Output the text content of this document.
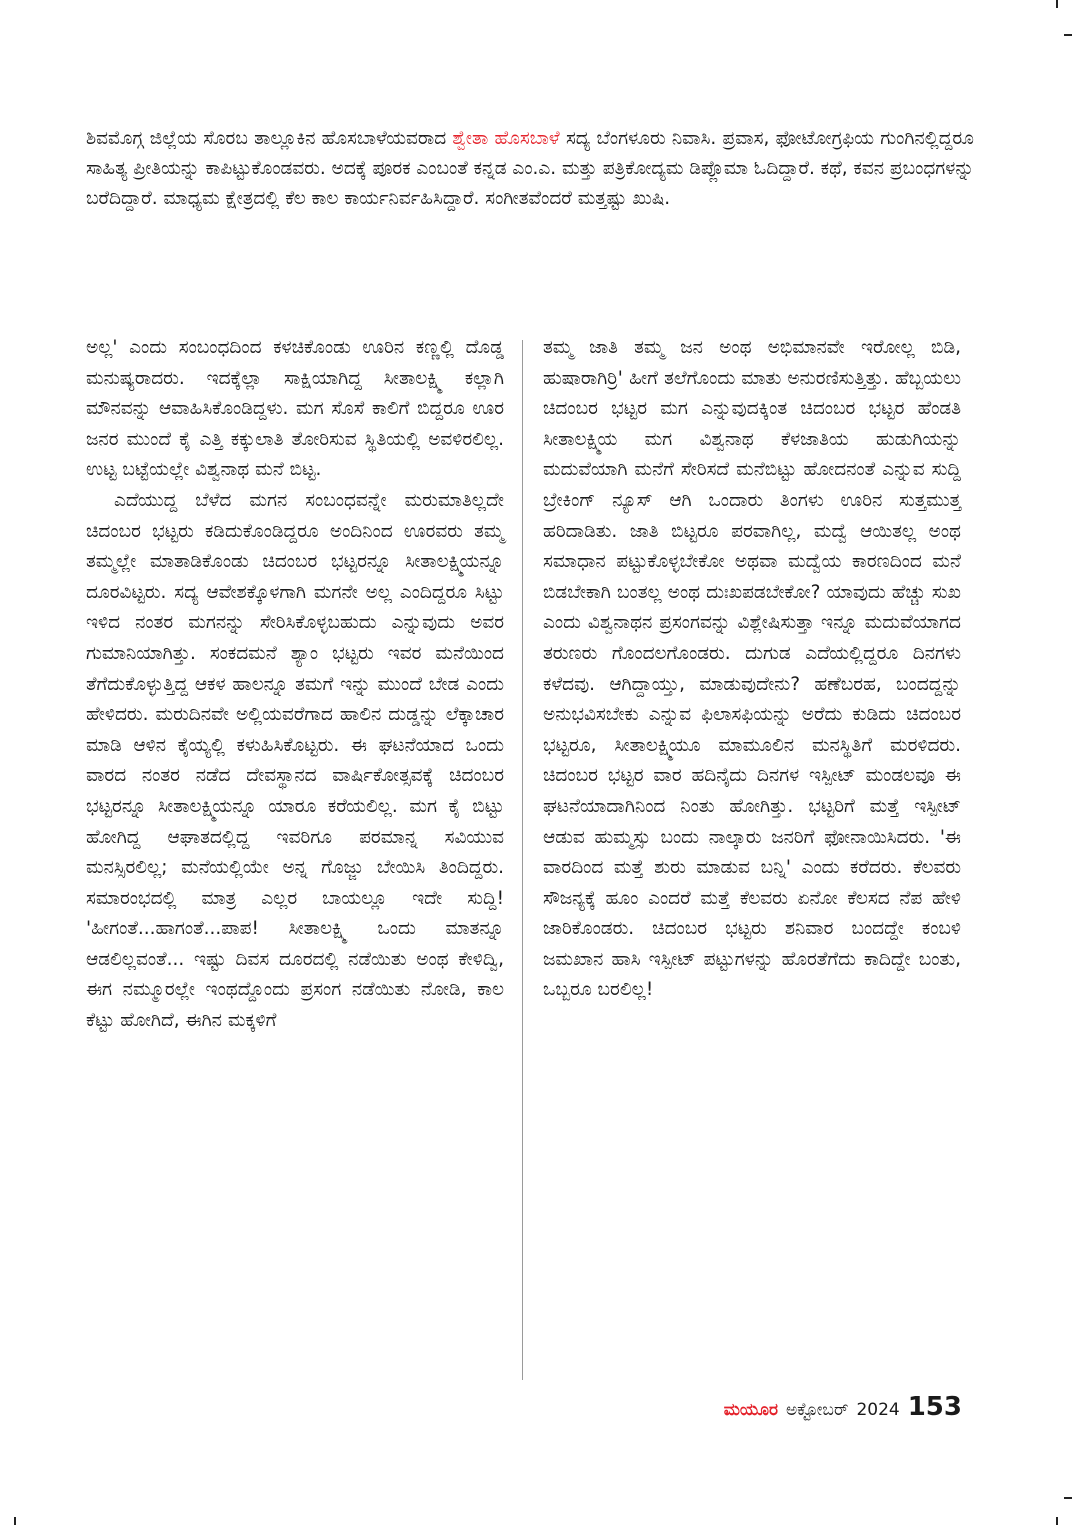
ಶಿವಮೊಗ್ಗ ಜಿಲ್ಲೆಯ ಸೊರಬ ತಾಲ್ಲೂಕಿನ ಹೊಸಬಾಳೆಯವರಾದ ಶ್ವೇತಾ ಹೊಸಬಾಳೆ ಸದ್ಯ ಬೆಂಗಳೂರು ನಿವಾಸಿ. ಪ್ರವಾಸ, ಫೋಟೋಗ್ರಫಿಯ ಗುಂಗಿನಲ್ಲಿದ್ದರೂ ಸಾಹಿತ್ಯ ಪ್ರೀತಿಯನ್ನು ಕಾಪಿಟ್ಟುಕೊಂಡವರು. ಅದಕ್ಕೆ ಪೂರಕ ಎಂಬಂತೆ ಕನ್ನಡ ಎಂ.ಎ. ಮತ್ತು ಪತ್ರಿಕೋದ್ಯಮ ಡಿಪ್ಲೊಮಾ ಓದಿದ್ದಾರೆ. ಕಥೆ, ಕವನ ಪ್ರಬಂಧಗಳನ್ನು ಬರೆದಿದ್ದಾರೆ. ಮಾಧ್ಯಮ ಕ್ಷೇತ್ರದಲ್ಲಿ ಕೆಲ ಕಾಲ ಕಾರ್ಯನಿರ್ವಹಿಸಿದ್ದಾರೆ. ಸಂಗೀತವೆಂದರೆ ಮತ್ತಷ್ಟು ಖುಷಿ.

ಅಲ್ಲ' ಎಂದು ಸಂಬಂಧದಿಂದ ಕಳಚಿಕೊಂಡು ಊರಿನ ಕಣ್ಣಲ್ಲಿ ದೊಡ್ಡ ಮನುಷ್ಯರಾದರು. ಇದಕ್ಕೆಲ್ಲಾ ಸಾಕ್ಷಿಯಾಗಿದ್ದ ಸೀತಾಲಕ್ಷ್ಮಿ ಕಲ್ಲಾಗಿ ಮೌನವನ್ನು ಆವಾಹಿಸಿಕೊಂಡಿದ್ದಳು. ಮಗ ಸೊಸೆ ಕಾಲಿಗೆ ಬಿದ್ದರೂ ಊರ ಜನರ ಮುಂದೆ ಕೈ ಎತ್ತಿ ಕಕ್ಕುಲಾತಿ ತೋರಿಸುವ ಸ್ಥಿತಿಯಲ್ಲಿ ಅವಳಿರಲಿಲ್ಲ. ಉಟ್ಟ ಬಟ್ಟೆಯಲ್ಲೇ ವಿಶ್ವನಾಥ ಮನೆ ಬಿಟ್ಟ.

ಎದೆಯುದ್ದ ಬೆಳೆದ ಮಗನ ಸಂಬಂಧವನ್ನೇ ಮರುಮಾತಿಲ್ಲದೇ ಚಿದಂಬರ ಭಟ್ಟರು ಕಡಿದುಕೊಂಡಿದ್ದರೂ ಅಂದಿನಿಂದ ಊರವರು ತಮ್ಮ ತಮ್ಮಲ್ಲೇ ಮಾತಾಡಿಕೊಂಡು ಚಿದಂಬರ ಭಟ್ಟರನ್ನೂ ಸೀತಾಲಕ್ಷ್ಮಿಯನ್ನೂ ದೂರವಿಟ್ಟರು. ಸದ್ಯ ಆವೇಶಕ್ಕೊಳಗಾಗಿ ಮಗನೇ ಅಲ್ಲ ಎಂದಿದ್ದರೂ ಸಿಟ್ಟು ಇಳಿದ ನಂತರ ಮಗನನ್ನು ಸೇರಿಸಿಕೊಳ್ಳಬಹುದು ಎನ್ನುವುದು ಅವರ ಗುಮಾನಿಯಾಗಿತ್ತು. ಸಂಕದಮನೆ ಶ್ಯಾಂ ಭಟ್ಟರು ಇವರ ಮನೆಯಿಂದ ತೆಗೆದುಕೊಳ್ಳುತ್ತಿದ್ದ ಆಕಳ ಹಾಲನ್ನೂ ತಮಗೆ ಇನ್ನು ಮುಂದೆ ಬೇಡ ಎಂದು ಹೇಳಿದರು. ಮರುದಿನವೇ ಅಲ್ಲಿಯವರೆಗಾದ ಹಾಲಿನ ದುಡ್ಡನ್ನು ಲೆಕ್ಕಾಚಾರ ಮಾಡಿ ಆಳಿನ ಕೈಯ್ಯಲ್ಲಿ ಕಳುಹಿಸಿಕೊಟ್ಟರು. ಈ ಘಟನೆಯಾದ ಒಂದು ವಾರದ ನಂತರ ನಡೆದ ದೇವಸ್ಥಾನದ ವಾರ್ಷಿಕೋತ್ಸವಕ್ಕೆ ಚಿದಂಬರ ಭಟ್ಟರನ್ನೂ ಸೀತಾಲಕ್ಷ್ಮಿಯನ್ನೂ ಯಾರೂ ಕರೆಯಲಿಲ್ಲ. ಮಗ ಕೈ ಬಿಟ್ಟು ಹೋಗಿದ್ದ ಆಘಾತದಲ್ಲಿದ್ದ ಇವರಿಗೂ ಪರಮಾನ್ನ ಸವಿಯುವ ಮನಸ್ಸಿರಲಿಲ್ಲ; ಮನೆಯಲ್ಲಿಯೇ ಅನ್ನ ಗೊಜ್ಜು ಬೇಯಿಸಿ ತಿಂದಿದ್ದರು. ಸಮಾರಂಭದಲ್ಲಿ ಮಾತ್ರ ಎಲ್ಲರ ಬಾಯಲ್ಲೂ ಇದೇ ಸುದ್ದಿ! 'ಹೀಗಂತೆ...ಹಾಗಂತೆ...ಪಾಪ! ಸೀತಾಲಕ್ಷ್ಮಿ ಒಂದು ಮಾತನ್ನೂ ಆಡಲಿಲ್ಲವಂತೆ... ಇಷ್ಟು ದಿವಸ ದೂರದಲ್ಲಿ ನಡೆಯಿತು ಅಂಥ ಕೇಳಿದ್ವಿ, ಈಗ ನಮ್ಮೂರಲ್ಲೇ ಇಂಥದ್ದೊಂದು ಪ್ರಸಂಗ ನಡೆಯಿತು ನೋಡಿ, ಕಾಲ ಕೆಟ್ಟು ಹೋಗಿದೆ, ಈಗಿನ ಮಕ್ಕಳಿಗೆ

ತಮ್ಮ ಜಾತಿ ತಮ್ಮ ಜನ ಅಂಥ ಅಭಿಮಾನವೇ ಇರೋಲ್ಲ ಬಿಡಿ, ಹುಷಾರಾಗಿರ್ರಿ' ಹೀಗೆ ತಲೆಗೊಂದು ಮಾತು ಅನುರಣಿಸುತ್ತಿತ್ತು. ಹೆಬ್ಬಯಲು ಚಿದಂಬರ ಭಟ್ಟರ ಮಗ ಎನ್ನುವುದಕ್ಕಿಂತ ಚಿದಂಬರ ಭಟ್ಟರ ಹೆಂಡತಿ ಸೀತಾಲಕ್ಷ್ಮಿಯ ಮಗ ವಿಶ್ವನಾಥ ಕೆಳಜಾತಿಯ ಹುಡುಗಿಯನ್ನು ಮದುವೆಯಾಗಿ ಮನೆಗೆ ಸೇರಿಸದೆ ಮನೆಬಿಟ್ಟು ಹೋದನಂತೆ ಎನ್ನುವ ಸುದ್ದಿ ಬ್ರೇಕಿಂಗ್ ನ್ಯೂಸ್ ಆಗಿ ಒಂದಾರು ತಿಂಗಳು ಊರಿನ ಸುತ್ತಮುತ್ತ ಹರಿದಾಡಿತು. ಜಾತಿ ಬಿಟ್ಟರೂ ಪರವಾಗಿಲ್ಲ, ಮದ್ವೆ ಆಯಿತಲ್ಲ ಅಂಥ ಸಮಾಧಾನ ಪಟ್ಟುಕೊಳ್ಳಬೇಕೋ ಅಥವಾ ಮದ್ವೆಯ ಕಾರಣದಿಂದ ಮನೆ ಬಿಡಬೇಕಾಗಿ ಬಂತಲ್ಲ ಅಂಥ ದುಃಖಪಡಬೇಕೋ? ಯಾವುದು ಹೆಚ್ಚು ಸುಖ ಎಂದು ವಿಶ್ವನಾಥನ ಪ್ರಸಂಗವನ್ನು ವಿಶ್ಲೇಷಿಸುತ್ತಾ ಇನ್ನೂ ಮದುವೆಯಾಗದ ತರುಣರು ಗೊಂದಲಗೊಂಡರು. ದುಗುಡ ಎದೆಯಲ್ಲಿದ್ದರೂ ದಿನಗಳು ಕಳೆದವು. ಆಗಿದ್ದಾಯ್ತು, ಮಾಡುವುದೇನು? ಹಣೆಬರಹ, ಬಂದದ್ದನ್ನು ಅನುಭವಿಸಬೇಕು ಎನ್ನುವ ಫಿಲಾಸಫಿಯನ್ನು ಅರೆದು ಕುಡಿದು ಚಿದಂಬರ ಭಟ್ಟರೂ, ಸೀತಾಲಕ್ಷ್ಮಿಯೂ ಮಾಮೂಲಿನ ಮನಸ್ಥಿತಿಗೆ ಮರಳಿದರು. ಚಿದಂಬರ ಭಟ್ಟರ ವಾರ ಹದಿನೈದು ದಿನಗಳ ಇಸ್ಪೀಟ್ ಮಂಡಲವೂ ಈ ಘಟನೆಯಾದಾಗಿನಿಂದ ನಿಂತು ಹೋಗಿತ್ತು. ಭಟ್ಟರಿಗೆ ಮತ್ತೆ ಇಸ್ಪೀಟ್ ಆಡುವ ಹುಮ್ಮಸ್ಸು ಬಂದು ನಾಲ್ಕಾರು ಜನರಿಗೆ ಫೋನಾಯಿಸಿದರು. 'ಈ ವಾರದಿಂದ ಮತ್ತೆ ಶುರು ಮಾಡುವ ಬನ್ನಿ' ಎಂದು ಕರೆದರು. ಕೆಲವರು ಸೌಜನ್ಯಕ್ಕೆ ಹೂಂ ಎಂದರೆ ಮತ್ತೆ ಕೆಲವರು ಏನೋ ಕೆಲಸದ ನೆಪ ಹೇಳಿ ಜಾರಿಕೊಂಡರು. ಚಿದಂಬರ ಭಟ್ಟರು ಶನಿವಾರ ಬಂದದ್ದೇ ಕಂಬಳಿ ಜಮಖಾನ ಹಾಸಿ ಇಸ್ಪೀಟ್ ಪಟ್ಟುಗಳನ್ನು ಹೊರತೆಗೆದು ಕಾದಿದ್ದೇ ಬಂತು, ಒಬ್ಬರೂ ಬರಲಿಲ್ಲ!

ಮಯೂರ ಅಕ್ಟೋಬರ್ 2024 153
